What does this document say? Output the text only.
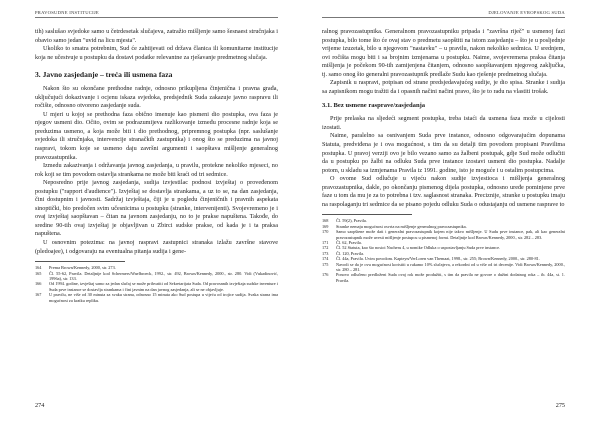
PRAVOSUDNE INSTITUCIJE

tih) saslušao svjedoke samo u četrdesetak slučajeva, zatražio mišljenje samo šesnaest stručnjaka i obavio samo jedan "uvid na licu mjesta".

Ukoliko to smatra potrebnim, Sud će zahtijevati od država članica ili komunitarne institucije koja ne učestvuje u postupku da dostavi podatke relevantne za rješavanje predmetnog slučaja.

3. Javno zasjedanje – treća ili usmena faza

Nakon što su okončane prethodne radnje, odnosno prikupljena činjenična i pravna građa, uključujući dokazivanje i ocjenu iskaza svjedoka, predsjednik Suda zakazuje javno raspravu ili ročište, odnosno otvoreno zasjedanje suda.

U mjeri u kojoj se prethodna faza obično imenuje kao pismeni dio postupka, ova faza je njegov usmeni dio. Očito, ovim se podrazumijeva razlikovanje između procesne radnje koja se preduzima usmeno, a koja može biti i dio prethodnog, pripremnog postupka (npr. saslušanje svjedoka ili stručnjaka, intervencije stranačkih zastupnika) i onog što se preduzima na javnoj raspravi, tokom koje se usmeno daju završni argumenti i saopštava mišljenje generalnog pravozastupnika.

Izmedu zakazivanja i održavanja javnog zasjedanja, u pravilu, protekne nekoliko mjeseci, no rok koji se tim povodom ostavlja strankama ne može biti kraći od tri sedmice.

Neposredno prije javnog zasjedanja, sudija izvjestilac podnosi izvještaj o proveđenom postupku ("rapport d'audience"). Izvještaj se dostavlja strankama, a uz to se, na dan zasjedanja, čini dostupnim i javnosti. Sadržaj izvještaja, čiji je u pogledu činjeničnih i pravnih aspekata sinoptički, bio predočen svim učesnicima u postupku (stranke, intervenijenti). Svojevremeno je i ovaj izvještaj saopštavan – čitan na javnom zasjedanju, no to je prakse napuštena. Takođe, do sredine 90-tih ovaj izvještaj je objavljivan u Zbirci sudske prakse, od kada je i ta praksa napuštena.

U osnovnim potezima: na javnoj raspravi zastupnici stranaka izlažu završne stavove (pledoajee), i odgovaraju na eventualna pitanja sudija i gene-

164	Prema Brown/Kennedy, 2000, str. 273.
165	Čl. 55-62, Pravila. Detaljnije kod Schermers/Waelbroeck, 1992., str. 492, Brown/Kennedy, 2000., str. 280. Vidi (Vukadinović, 1996a), str. 133.
166	Od 1994. godine, izvještaj samo za jedan slučaj se može prihvatiti od Sekretarijata Suda. Od pravosnnih izvještaja sudske inventure i Suda prve instance se dostavlja strankama i čini javnim na dan javnog zasjedanja, ali se ne objavljuje.
167	U pravilu, ne više od 30 minuta za svaku stranu, odnosno 15 minuta ako Sud postupa u vijeću od trojice sudija. Svaka strana ima mogućnost za kratku repliku.
274
DJELOVANJE EVROPSKOG SUDA

ralnog pravozastupnika. Generalnom pravozastupniku pripada i "završna riječ" u usmenoj fazi postupka, bilo tome što će ovaj stav o predmetu saopštiti na istom zasjedanju – što je u posljednje vrijeme izuzetak, bilo u njegovom "nastavku" – u pravilu, nakon nekoliko sedmica. U srednjem, ovi ročišta mogu biti i sa brojnim izmjenama u postupku. Naime, svojevremena praksa čitanja mišljenja je počekom 90-tih zamijenjena čitanjem, odnosno saopštavanjem njegovog zaključka, tj. samo onog što generalni pravozastupnik predlaže Sudu kao rješenje predmetnog slučaja.

Zapisnik u raspravi, potpisan od strane predsjedavajućeg sudije, je dio spisa. Stranke i sudija sa zapisnikom mogu tražiti da i opasnih načini načini pravo, što je to radu na vlastiti trošak.

3.1. Bez usmene rasprave/zasjedanja

Prije prelaska na sljedeći segment postupka, treba istaći da usmena faza može u cijelosti izostati.

Naime, paralelno sa osnivanjem Suda prve instance, odnosno odgovarajućim dopunama Statuta, predviđena je i ova mogućnost, s tim da su detalji tim povodom propisani Pravilima postupka. U pravoj verziji ovo je bilo vezano samo za žalbeni postupak, gdje Sud može odlučiti da u postupku po žalbi na odluku Suda prve instance izostavi usmeni dio postupka. Nadalje potom, u skladu sa izmjenama Pravila iz 1991. godine, isto je moguće i u ostalim postupcima.

O ovome Sud odlučuje u vijeću nakon sudije izvjestioca i mišljenja generalnog pravozastupnika, dakle, po okončanju pismenog dijela postupka, odnosno uređe pominjene prve faze u tom da mu je za to potrebna i tzv. saglasnost stranaka. Preciznije, stranke u postupku imaju na raspolaganju tri sedmice da se pisano pojedu odluku Suda o odustajanju od usmene rasprave to

168	Čl. 59(2), Pravila.
169	Stranke nemaju mogućnost osvrta na mišljenje generalnog pravozastupnika.
170	Samo saopštene može dati i generalni pravozastupnik kojem nije takvo mišljenje. U Sudu prve instance, pak, ali kao generalni pravozastupnik može uvesti mišljenje postupcu u pismenoj formi. Detaljnije kod Brown/Kennedy, 2000., str. 282 – 283.
171	Čl. 62, Pravila.
172	Čl. 52 Statuta, kao što nosioi Nacheru 4, u nomike Odluka o uspostavljanju Suda prve instance.
173	Čl. 120, Pravila.
174	Čl. 44a, Pravila. Uvim povodom. Kapteyn/VerLoren van Themaat, 1998., str. 255; Brown/Kennedy, 2000., str. 280-81.
175	Navodi se da je ovu mogućnost koristiti u rukamo 10% slučajeva, a rekordni od u više od tri decenije. Vidi Brown/Kennedy, 2000., str. 280 – 281.
176	Ponovo odlučeno predloženi Suda ovaj rok može produžiti, s tim da pravila ne govore o dužini dodatnog roka – ib. 44a, st. 1. Pravila.
275
